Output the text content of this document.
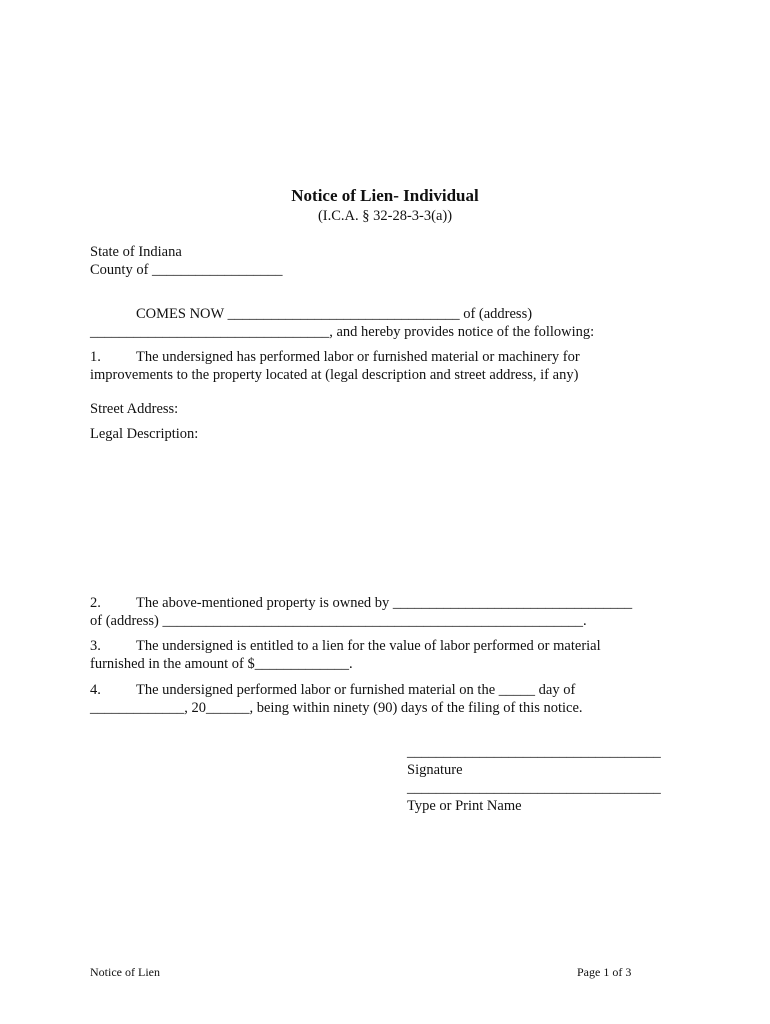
Notice of Lien- Individual
(I.C.A. § 32-28-3-3(a))
State of Indiana
County of __________________
COMES NOW ________________________________ of (address)
_________________________________, and hereby provides notice of the following:
1. The undersigned has performed labor or furnished material or machinery for
improvements to the property located at (legal description and street address, if any)
Street Address:
Legal Description:
2. The above-mentioned property is owned by _________________________________
of (address) __________________________________________________________.
3. The undersigned is entitled to a lien for the value of labor performed or material
furnished in the amount of $_____________.
4. The undersigned performed labor or furnished material on the _____ day of
_____________, 20______, being within ninety (90) days of the filing of this notice.
___________________________________
Signature
___________________________________
Type or Print Name
Notice of Lien	Page 1 of 3
